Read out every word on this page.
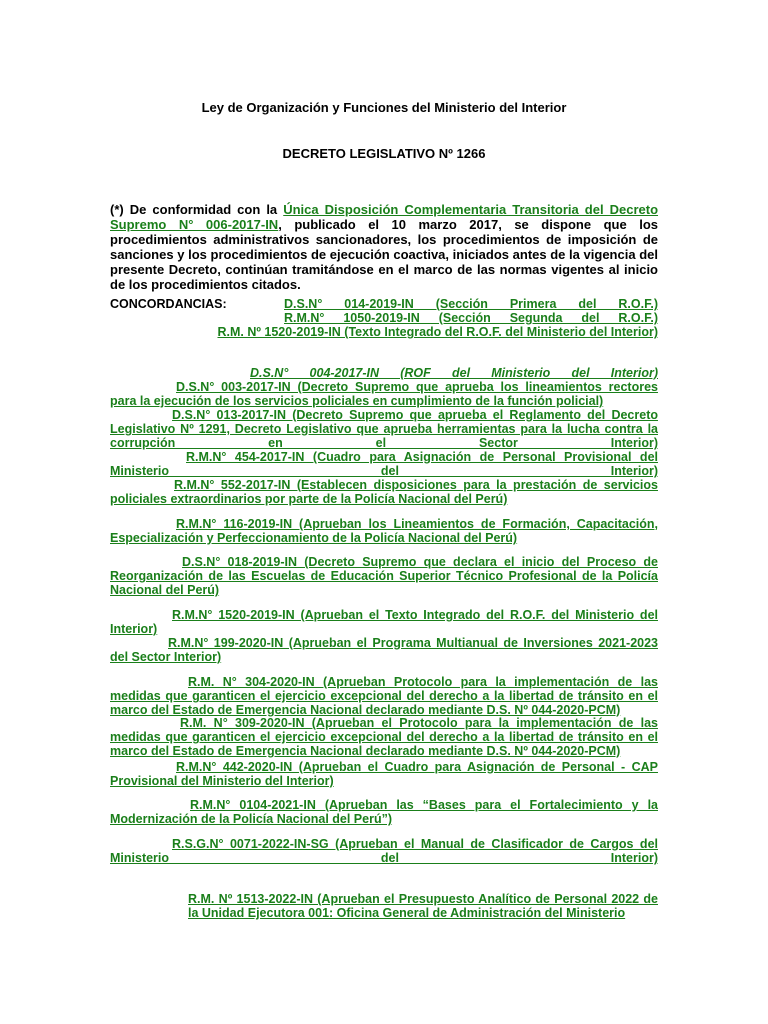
Ley de Organización y Funciones del Ministerio del Interior
DECRETO LEGISLATIVO Nº 1266
(*) De conformidad con la Única Disposición Complementaria Transitoria del Decreto Supremo N° 006-2017-IN, publicado el 10 marzo 2017, se dispone que los procedimientos administrativos sancionadores, los procedimientos de imposición de sanciones y los procedimientos de ejecución coactiva, iniciados antes de la vigencia del presente Decreto, continúan tramitándose en el marco de las normas vigentes al inicio de los procedimientos citados.
CONCORDANCIAS:	D.S.N° 014-2019-IN (Sección Primera del R.O.F.)
R.M.N° 1050-2019-IN (Sección Segunda del R.O.F.)
R.M. Nº 1520-2019-IN (Texto Integrado del R.O.F. del Ministerio del Interior)
D.S.N° 004-2017-IN (ROF del Ministerio del Interior)
D.S.N° 003-2017-IN (Decreto Supremo que aprueba los lineamientos rectores para la ejecución de los servicios policiales en cumplimiento de la función policial)
D.S.N° 013-2017-IN (Decreto Supremo que aprueba el Reglamento del Decreto Legislativo Nº 1291, Decreto Legislativo que aprueba herramientas para la lucha contra la corrupción en el Sector Interior)
R.M.N° 454-2017-IN (Cuadro para Asignación de Personal Provisional del Ministerio del Interior)
R.M.N° 552-2017-IN (Establecen disposiciones para la prestación de servicios policiales extraordinarios por parte de la Policía Nacional del Perú)
R.M.N° 116-2019-IN (Aprueban los Lineamientos de Formación, Capacitación, Especialización y Perfeccionamiento de la Policía Nacional del Perú)
D.S.N° 018-2019-IN (Decreto Supremo que declara el inicio del Proceso de Reorganización de las Escuelas de Educación Superior Técnico Profesional de la Policía Nacional del Perú)
R.M.N° 1520-2019-IN (Aprueban el Texto Integrado del R.O.F. del Ministerio del Interior)
R.M.N° 199-2020-IN (Aprueban el Programa Multianual de Inversiones 2021-2023 del Sector Interior)
R.M. N° 304-2020-IN (Aprueban Protocolo para la implementación de las medidas que garanticen el ejercicio excepcional del derecho a la libertad de tránsito en el marco del Estado de Emergencia Nacional declarado mediante D.S. Nº 044-2020-PCM)
R.M. N° 309-2020-IN (Aprueban el Protocolo para la implementación de las medidas que garanticen el ejercicio excepcional del derecho a la libertad de tránsito en el marco del Estado de Emergencia Nacional declarado mediante D.S. Nº 044-2020-PCM)
R.M.N° 442-2020-IN (Aprueban el Cuadro para Asignación de Personal - CAP Provisional del Ministerio del Interior)
R.M.N° 0104-2021-IN (Aprueban las “Bases para el Fortalecimiento y la Modernización de la Policía Nacional del Perú”)
R.S.G.N° 0071-2022-IN-SG (Aprueban el Manual de Clasificador de Cargos del Ministerio del Interior)
R.M. Nº 1513-2022-IN (Aprueban el Presupuesto Analítico de Personal 2022 de la Unidad Ejecutora 001: Oficina General de Administración del Ministerio
